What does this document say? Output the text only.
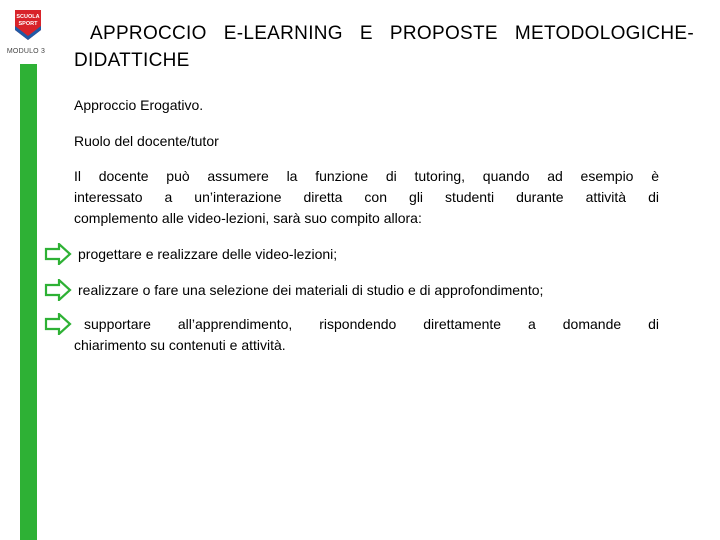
SCUOLA
SPORT
MODULO 3
APPROCCIO E-LEARNING E PROPOSTE METODOLOGICHE-
DIDATTICHE
Approccio Erogativo.
Ruolo del docente/tutor
Il docente può assumere la funzione di tutoring, quando ad esempio è
interessato a un’interazione diretta con gli studenti durante attività di
complemento alle video-lezioni, sarà suo compito allora:
progettare e realizzare delle video-lezioni;
realizzare o fare una selezione dei materiali di studio e di approfondimento;
supportare all’apprendimento, rispondendo direttamente a domande di
chiarimento su contenuti e attività.
